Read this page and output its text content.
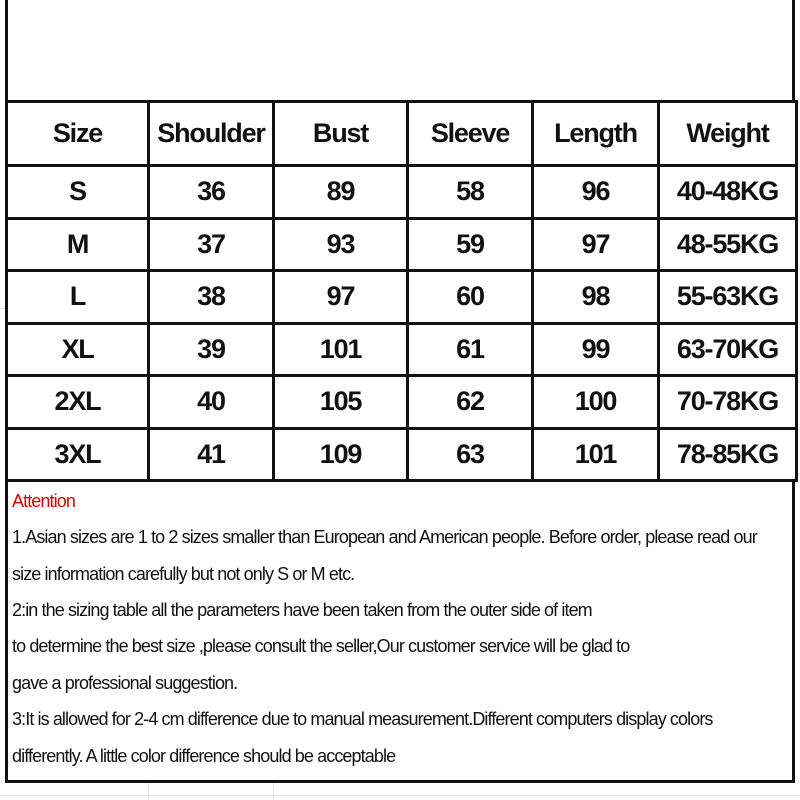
Size	Shoulder	Bust	Sleeve	Length	Weight
S	36	89	58	96	40-48KG
M	37	93	59	97	48-55KG
L	38	97	60	98	55-63KG
XL	39	101	61	99	63-70KG
2XL	40	105	62	100	70-78KG
3XL	41	109	63	101	78-85KG
Attention
1.Asian sizes are 1 to 2 sizes smaller than European and American people. Before order, please read our
size information carefully but not only S or M etc.
2:in the sizing table all the parameters have been taken from the outer side of item
to determine the best size ,please consult the seller,Our customer service will be glad to
gave a professional suggestion.
3:It is allowed for 2-4 cm difference due to manual measurement.Different computers display colors
differently. A little color difference should be acceptable
